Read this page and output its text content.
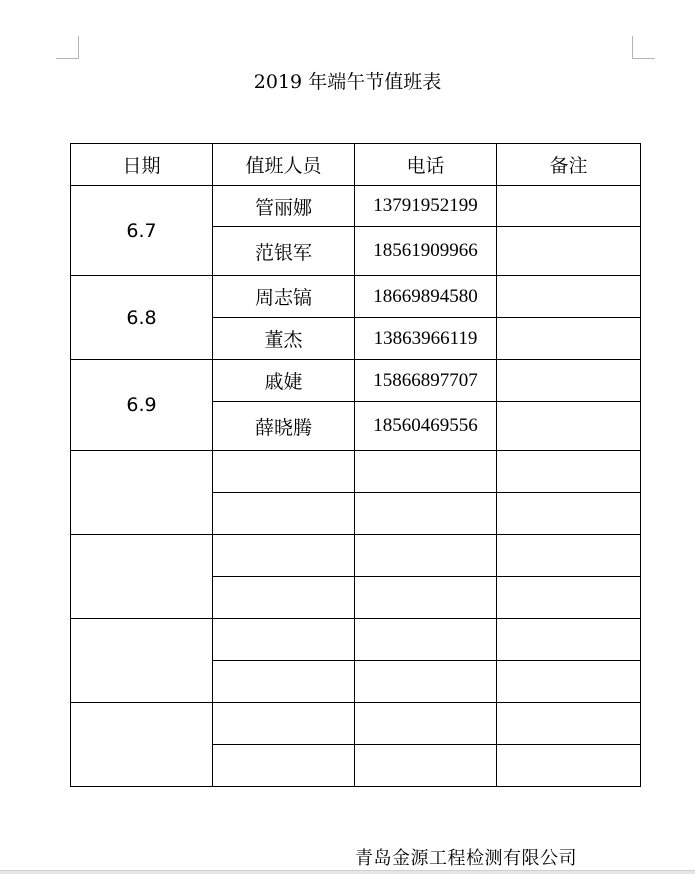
2019 年端午节值班表
日期	值班人员	电话	备注
6.7	管丽娜	13791952199	
	范银军	18561909966	
6.8	周志镐	18669894580	
	董杰	13863966119	
6.9	戚婕	15866897707	
	薛晓腾	18560469556	

青岛金源工程检测有限公司
